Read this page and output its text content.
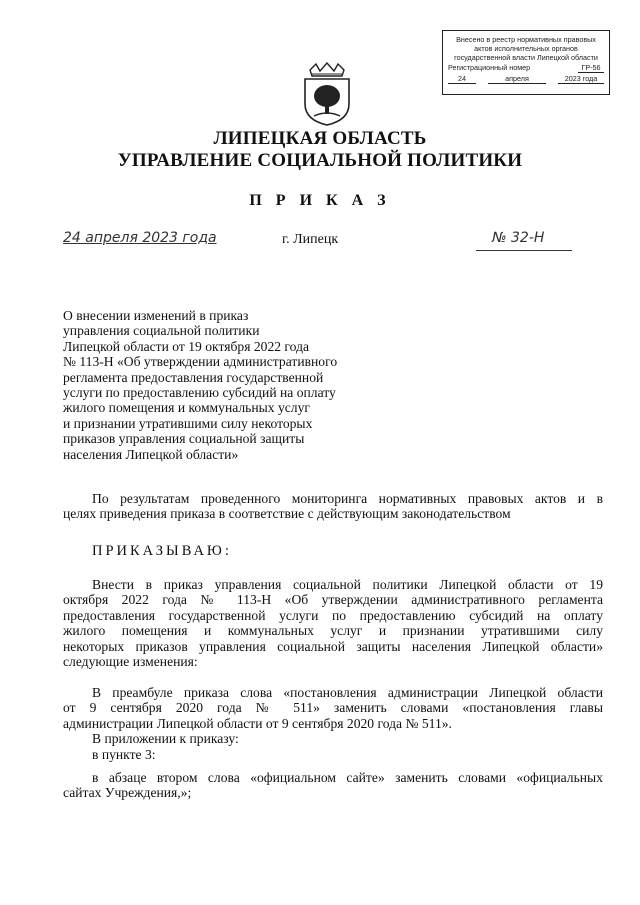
Внесено в реестр нормативных правовых
актов исполнительных органов
государственной власти Липецкой области
Регистрационный номер	ГР-56
24	апреля	2023 года
ЛИПЕЦКАЯ ОБЛАСТЬ
УПРАВЛЕНИЕ СОЦИАЛЬНОЙ ПОЛИТИКИ
П Р И К А З
24 апреля 2023 года	г. Липецк	№ 32-Н
О внесении изменений в приказ
управления социальной политики
Липецкой области от 19 октября 2022 года
№ 113-Н «Об утверждении административного
регламента предоставления государственной
услуги по предоставлению субсидий на оплату
жилого помещения и коммунальных услуг
и признании утратившими силу некоторых
приказов управления социальной защиты
населения Липецкой области»
По результатам проведенного мониторинга нормативных правовых актов и в
целях приведения приказа в соответствие с действующим законодательством
ПРИКАЗЫВАЮ:
Внести в приказ управления социальной политики Липецкой области от 19
октября 2022 года № 113-Н «Об утверждении административного регламента
предоставления государственной услуги по предоставлению субсидий на оплату
жилого помещения и коммунальных услуг и признании утратившими силу
некоторых приказов управления социальной защиты населения Липецкой области»
следующие изменения:
В преамбуле приказа слова «постановления администрации Липецкой области
от 9 сентября 2020 года № 511» заменить словами «постановления главы
администрации Липецкой области от 9 сентября 2020 года № 511».
В приложении к приказу:
в пункте 3:
в абзаце втором слова «официальном сайте» заменить словами «официальных
сайтах Учреждения,»;
